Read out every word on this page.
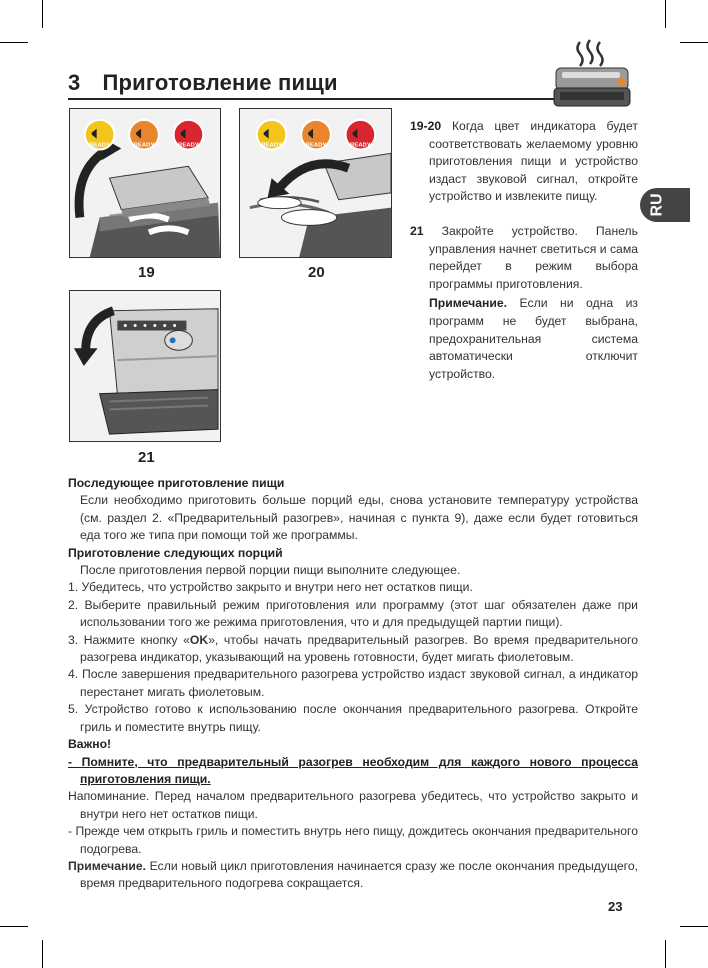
3 Приготовление пищи
RU
READY	READY	READY
19
READY	READY	READY
20
21

19-20 Когда цвет индикатора будет соответствовать желаемому уровню приготовления пищи и устройство издаст звуковой сигнал, откройте устройство и извлеките пищу.

21 Закройте устройство. Панель управления начнет светиться и сама перейдет в режим выбора программы приготовления.

Примечание. Если ни одна из программ не будет выбрана, предохранительная система автоматически отключит устройство.
Последующее приготовление пищи
Если необходимо приготовить больше порций еды, снова установите температуру устройства (см. раздел 2. «Предварительный разогрев», начиная с пункта 9), даже если будет готовиться еда того же типа при помощи той же программы.
Приготовление следующих порций
После приготовления первой порции пищи выполните следующее.
1. Убедитесь, что устройство закрыто и внутри него нет остатков пищи.
2. Выберите правильный режим приготовления или программу (этот шаг обязателен даже при использовании того же режима приготовления, что и для предыдущей партии пищи).
3. Нажмите кнопку «OK», чтобы начать предварительный разогрев. Во время предварительного разогрева индикатор, указывающий на уровень готовности, будет мигать фиолетовым.
4. После завершения предварительного разогрева устройство издаст звуковой сигнал, а индикатор перестанет мигать фиолетовым.
5. Устройство готово к использованию после окончания предварительного разогрева. Откройте гриль и поместите внутрь пищу.
Важно!
- Помните, что предварительный разогрев необходим для каждого нового процесса приготовления пищи.
Напоминание. Перед началом предварительного разогрева убедитесь, что устройство закрыто и внутри него нет остатков пищи.
- Прежде чем открыть гриль и поместить внутрь него пищу, дождитесь окончания предварительного подогрева.
Примечание. Если новый цикл приготовления начинается сразу же после окончания предыдущего, время предварительного подогрева сокращается.
23
